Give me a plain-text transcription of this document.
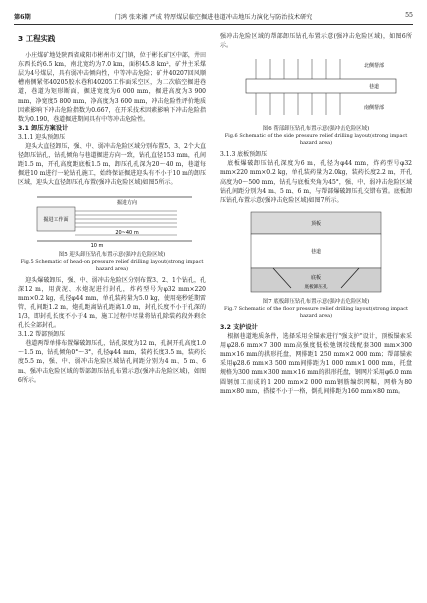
第6期	门鸿 张来湘 严成 特厚煤层临空掘进巷道冲击地压力演化与防治技术研究	55
3 工程实践

小庄煤矿地处陕西省咸阳市彬州市义门镇，位于彬长矿区中部，井田东西长约6.5 km，南北宽约为7.0 km，面积45.8 km²，矿井主采煤层为4号煤层，具有弱冲击倾向性，中等冲击危险；矿井40207回风顺槽南侧紧邻40205胶水巷和40205工作面采空区，为二次临空掘进巷道，巷道为矩形断面，掘进宽度为6 000 mm，掘进高度为3 900 mm，净宽度5 800 mm，净高度为3 600 mm，冲击危险性评价地质因素影响下冲击危险指数为0.667，在开采技术因素影响下冲击危险指数为0.190，巷道掘进期间具有中等冲击危险性。

3.1 卸压方案设计
3.1.1 迎头预卸压

迎头大直径卸压，强、中、弱冲击危险区域分别布置5、3、2个大直径卸压钻孔，钻孔倾角与巷道掘进方向一致，钻孔直径153 mm，孔间距1.5 m，开孔高度距底板1.5 m，卸压孔孔深为20～40 m，巷道每掘进10 m进行一轮钻孔施工，始终保证掘进迎头有不小于10 m的卸压区域，迎头大直径卸压孔布置(强冲击危险区域)如图5所示。

掘进工作面
掘进方向
20~40 m
10 m
图5 迎头卸压钻孔布置示意(强冲击危险区域)
Fig.5 Schematic of head-on pressure relief drilling layout(strong impact hazard area)

迎头爆破卸压，强、中、弱冲击危险区分别布置3、2、1个钻孔，孔深12 m，用黄泥、水炮泥进行封孔，炸药型号为φ32 mm×220 mm×0.2 kg，孔径φ44 mm，单孔装药量为5.0 kg，使用毫秒延期雷管，孔间距1.2 m，炮孔距离钻孔距离1.0 m，封孔长度不小于孔深的1/3，即封孔长度不小于4 m，施工过程中尽量将钻孔除装药段外剩余孔长全部封孔。

3.1.2 帮部预卸压

巷道两帮单排布置爆破卸压孔，钻孔深度为12 m，孔洞开孔高度1.0～1.5 m，钻孔倾角0°～3°，孔径φ44 mm，装药长度3.5 m，装药长度5.5 m，强、中、弱冲击危险区域钻孔间距分别为4 m、5 m、6 m、强冲击危险区域的帮部卸压钻孔布置示意(强冲击危险区域)，如图6所示。

强冲击危险区域的帮部卸压钻孔布置示意(强冲击危险区域)，如图6所示。

北侧帮部
巷道
南侧帮部
图6 帮部卸压钻孔布置示意(强冲击危险区域)
Fig.6 Schematic of the side pressure relief drilling layout(strong impact hazard area)
3.1.3 底板预卸压

底板爆破卸压钻孔深度为6 m，孔径为φ44 mm，炸药型号φ32 mm×220 mm×0.2 kg，单孔装药量为2.0kg，装药长度2.2 m，开孔高度为0～500 mm，钻孔与底板夹角为45°，强、中、弱冲击危险区域钻孔间距分别为4 m、5 m、6 m，与帮部爆破卸压孔交错布置。底板卸压钻孔布置示意(强冲击危险区域)如图7所示。

顶板
巷道
底板
底板卸压孔
图7 底板卸压钻孔布置示意(强冲击危险区域)
Fig.7 Schematic of the floor pressure relief drilling layout(strong impact hazard area)
3.2 支护设计

根据巷道地质条件，选择采用全锚索进行"强支护"设计，顶板锚索采用φ28.6 mm×7 300 mm高强度低松弛钢绞线配套300 mm×300 mm×16 mm的拱形托盘，网排距1 250 mm×2 000 mm；帮部锚索采用φ28.6 mm×3 500 mm间排距为1 000 mm×1 000 mm，托盘规格为300 mm×300 mm×16 mm的拱形托盘，钢网片采用φ6.0 mm圆钢加工而成的1 200 mm×2 000 mm钢筋编织网幅，网格为80 mm×80 mm，搭接不小于一格，倒孔间排距为160 mm×80 mm。
